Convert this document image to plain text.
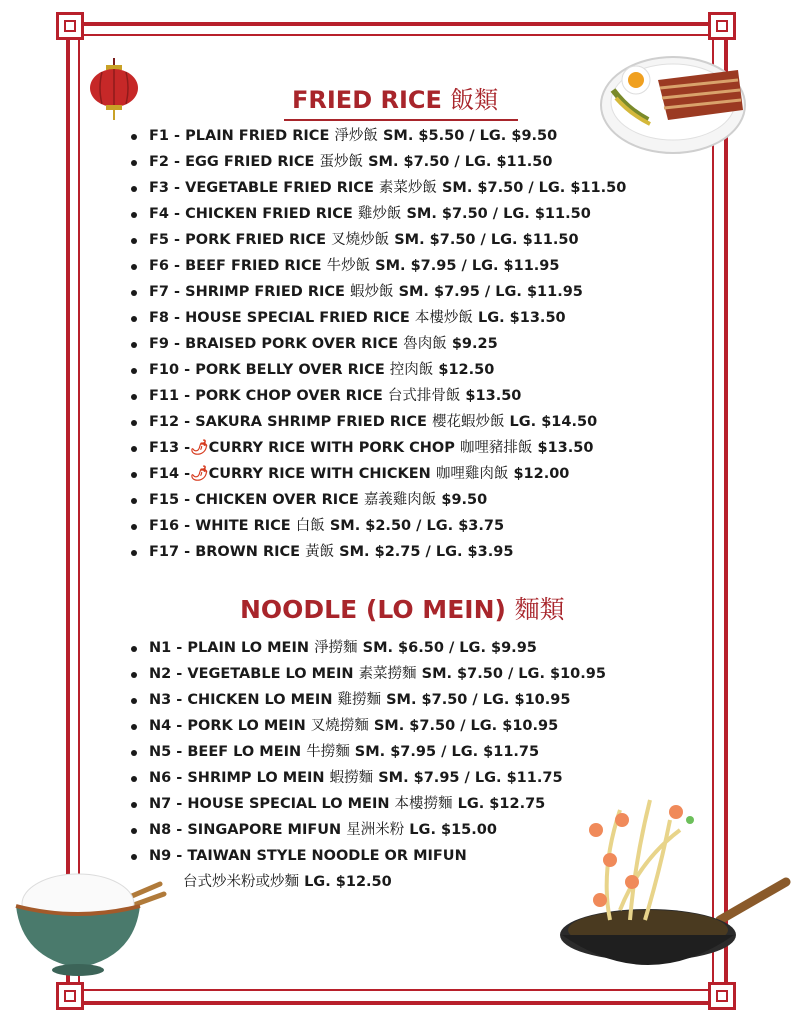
FRIED RICE 飯類
F1 - PLAIN FRIED RICE 淨炒飯 SM. $5.50 / LG. $9.50
F2 - EGG FRIED RICE 蛋炒飯 SM. $7.50 / LG. $11.50
F3 - VEGETABLE FRIED RICE 素菜炒飯 SM. $7.50 / LG. $11.50
F4 - CHICKEN FRIED RICE 雞炒飯 SM. $7.50 / LG. $11.50
F5 - PORK FRIED RICE 叉燒炒飯 SM. $7.50 / LG. $11.50
F6 - BEEF FRIED RICE 牛炒飯 SM. $7.95 / LG. $11.95
F7 - SHRIMP FRIED RICE 蝦炒飯 SM. $7.95 / LG. $11.95
F8 - HOUSE SPECIAL FRIED RICE 本樓炒飯 LG. $13.50
F9 - BRAISED PORK OVER RICE 魯肉飯 $9.25
F10 - PORK BELLY OVER RICE 控肉飯 $12.50
F11 - PORK CHOP OVER RICE 台式排骨飯 $13.50
F12 - SAKURA SHRIMP FRIED RICE 櫻花蝦炒飯 LG. $14.50
F13 -🌶CURRY RICE WITH PORK CHOP 咖哩豬排飯 $13.50
F14 -🌶CURRY RICE WITH CHICKEN 咖哩雞肉飯 $12.00
F15 - CHICKEN OVER RICE 嘉義雞肉飯 $9.50
F16 - WHITE RICE 白飯 SM. $2.50 / LG. $3.75
F17 - BROWN RICE 黃飯 SM. $2.75 / LG. $3.95
NOODLE (LO MEIN) 麵類
N1 - PLAIN LO MEIN 淨撈麵 SM. $6.50 / LG. $9.95
N2 - VEGETABLE LO MEIN 素菜撈麵 SM. $7.50 / LG. $10.95
N3 - CHICKEN LO MEIN 雞撈麵 SM. $7.50 / LG. $10.95
N4 - PORK LO MEIN 叉燒撈麵 SM. $7.50 / LG. $10.95
N5 - BEEF LO MEIN 牛撈麵 SM. $7.95 / LG. $11.75
N6 - SHRIMP LO MEIN 蝦撈麵 SM. $7.95 / LG. $11.75
N7 - HOUSE SPECIAL LO MEIN 本樓撈麵 LG. $12.75
N8 - SINGAPORE MIFUN 星洲米粉 LG. $15.00
N9 - TAIWAN STYLE NOODLE OR MIFUN
台式炒米粉或炒麵 LG. $12.50
